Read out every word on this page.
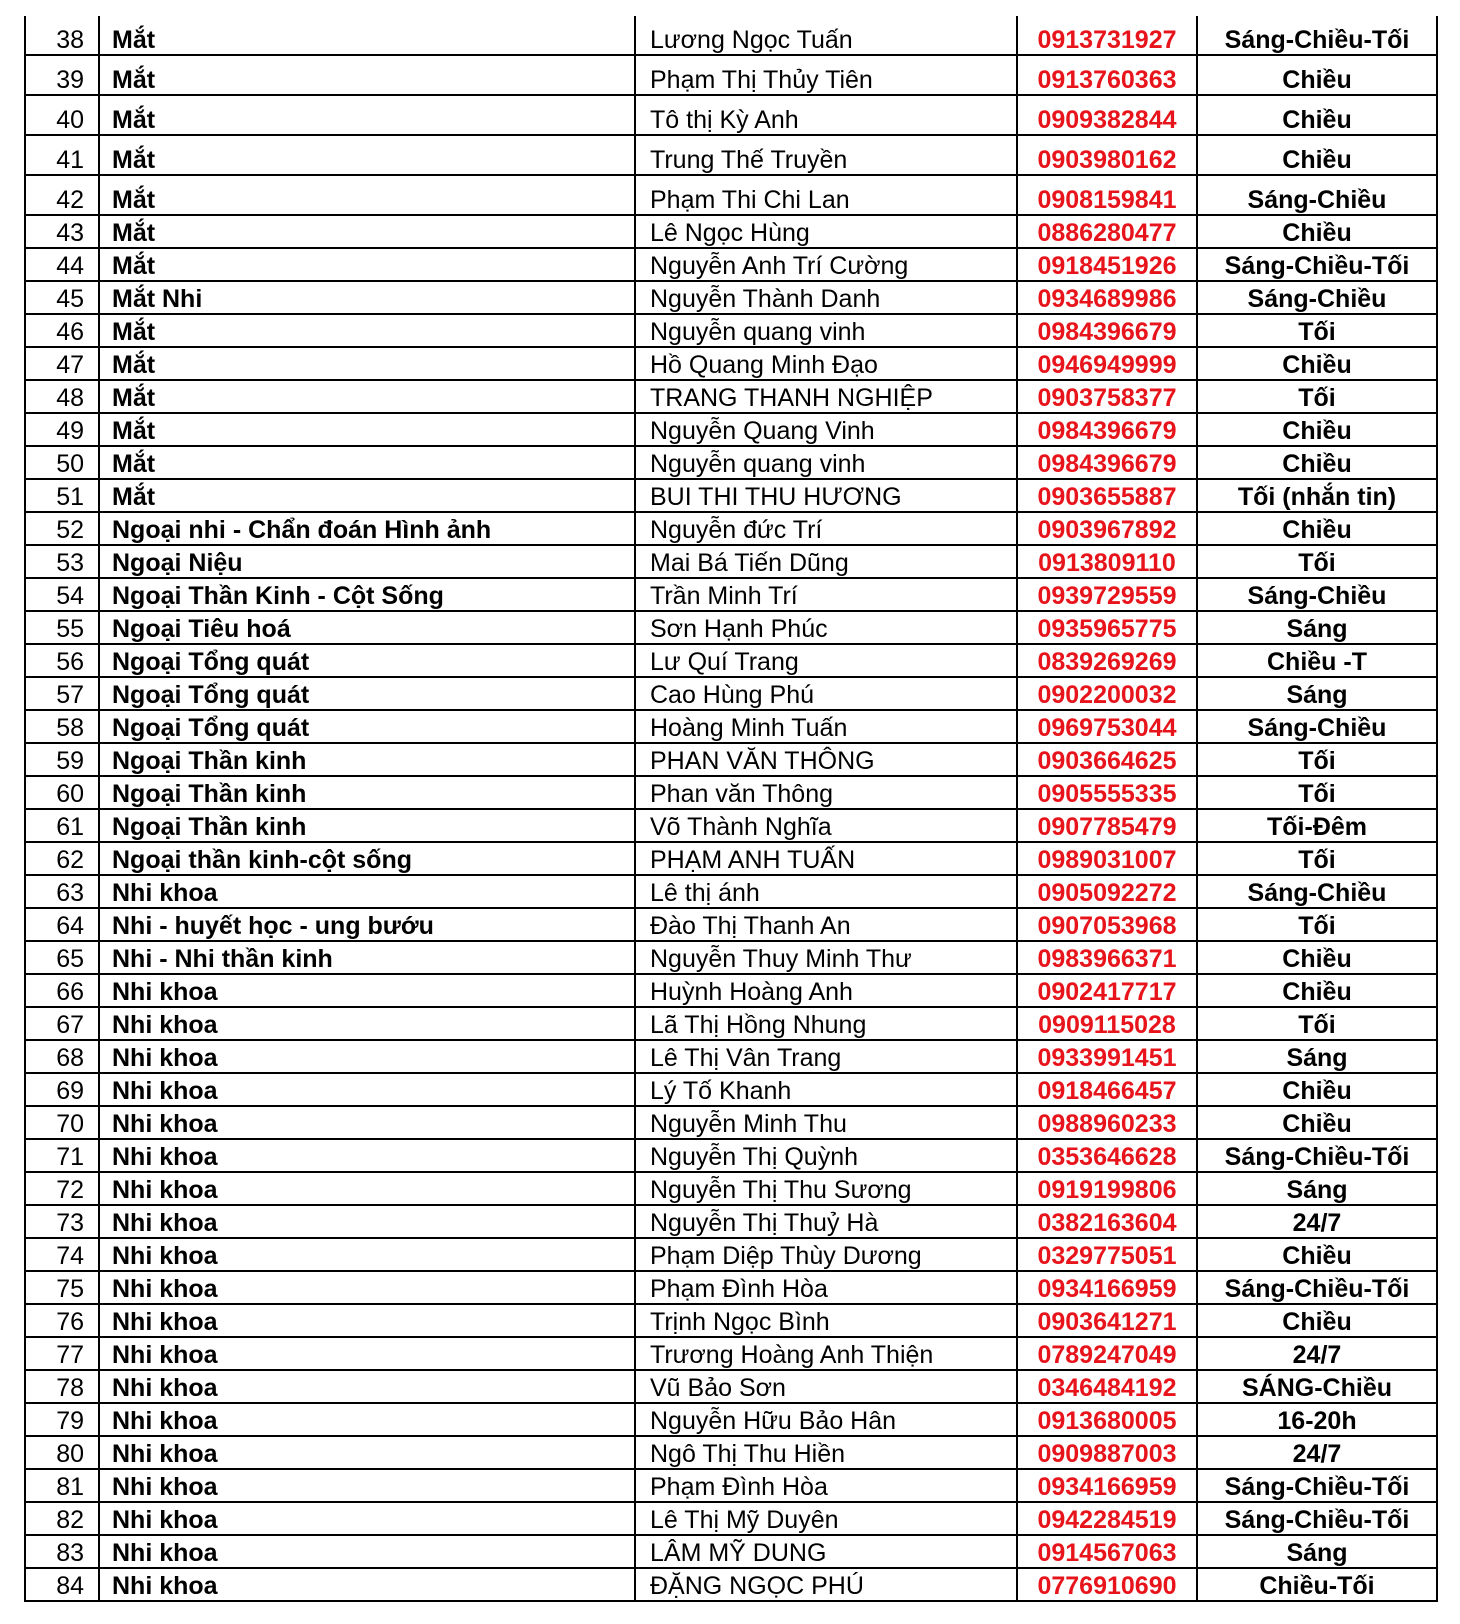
38	Mắt	Lương Ngọc Tuấn	0913731927	Sáng-Chiều-Tối
39	Mắt	Phạm Thị Thủy Tiên	0913760363	Chiều
40	Mắt	Tô thị Kỳ Anh	0909382844	Chiều
41	Mắt	Trung Thế Truyền	0903980162	Chiều
42	Mắt	Phạm Thi Chi Lan	0908159841	Sáng-Chiều
43	Mắt	Lê Ngọc Hùng	0886280477	Chiều
44	Mắt	Nguyễn Anh Trí Cường	0918451926	Sáng-Chiều-Tối
45	Mắt Nhi	Nguyễn Thành Danh	0934689986	Sáng-Chiều
46	Mắt	Nguyễn quang vinh	0984396679	Tối
47	Mắt	Hồ Quang Minh Đạo	0946949999	Chiều
48	Mắt	TRANG THANH NGHIỆP	0903758377	Tối
49	Mắt	Nguyễn Quang Vinh	0984396679	Chiều
50	Mắt	Nguyễn quang vinh	0984396679	Chiều
51	Mắt	BUI THI THU HƯƠNG	0903655887	Tối (nhắn tin)
52	Ngoại nhi - Chẩn đoán Hình ảnh	Nguyễn đức Trí	0903967892	Chiều
53	Ngoại Niệu	Mai Bá Tiến Dũng	0913809110	Tối
54	Ngoại Thần Kinh - Cột Sống	Trần Minh Trí	0939729559	Sáng-Chiều
55	Ngoại Tiêu hoá	Sơn Hạnh Phúc	0935965775	Sáng
56	Ngoại Tổng quát	Lư Quí Trang	0839269269	Chiều -T
57	Ngoại Tổng quát	Cao Hùng Phú	0902200032	Sáng
58	Ngoại Tổng quát	Hoàng Minh Tuấn	0969753044	Sáng-Chiều
59	Ngoại Thần kinh	PHAN VĂN THÔNG	0903664625	Tối
60	Ngoại Thần kinh	Phan văn Thông	0905555335	Tối
61	Ngoại Thần kinh	Võ Thành Nghĩa	0907785479	Tối-Đêm
62	Ngoại thần kinh-cột sống	PHẠM ANH TUẤN	0989031007	Tối
63	Nhi khoa	Lê thị ánh	0905092272	Sáng-Chiều
64	Nhi - huyết học - ung bướu	Đào Thị Thanh An	0907053968	Tối
65	Nhi - Nhi thần kinh	Nguyễn Thuy Minh Thư	0983966371	Chiều
66	Nhi khoa	Huỳnh Hoàng Anh	0902417717	Chiều
67	Nhi khoa	Lã Thị Hồng Nhung	0909115028	Tối
68	Nhi khoa	Lê Thị Vân Trang	0933991451	Sáng
69	Nhi khoa	Lý Tố Khanh	0918466457	Chiều
70	Nhi khoa	Nguyễn Minh Thu	0988960233	Chiều
71	Nhi khoa	Nguyễn Thị Quỳnh	0353646628	Sáng-Chiều-Tối
72	Nhi khoa	Nguyễn Thị Thu Sương	0919199806	Sáng
73	Nhi khoa	Nguyễn Thị Thuỷ Hà	0382163604	24/7
74	Nhi khoa	Phạm Diệp Thùy Dương	0329775051	Chiều
75	Nhi khoa	Phạm Đình Hòa	0934166959	Sáng-Chiều-Tối
76	Nhi khoa	Trịnh Ngọc Bình	0903641271	Chiều
77	Nhi khoa	Trương Hoàng Anh Thiện	0789247049	24/7
78	Nhi khoa	Vũ Bảo Sơn	0346484192	SÁNG-Chiều
79	Nhi khoa	Nguyễn Hữu Bảo Hân	0913680005	16-20h
80	Nhi khoa	Ngô Thị Thu Hiền	0909887003	24/7
81	Nhi khoa	Phạm Đình Hòa	0934166959	Sáng-Chiều-Tối
82	Nhi khoa	Lê Thị Mỹ Duyên	0942284519	Sáng-Chiều-Tối
83	Nhi khoa	LÂM MỸ DUNG	0914567063	Sáng
84	Nhi khoa	ĐẶNG NGỌC PHÚ	0776910690	Chiều-Tối
